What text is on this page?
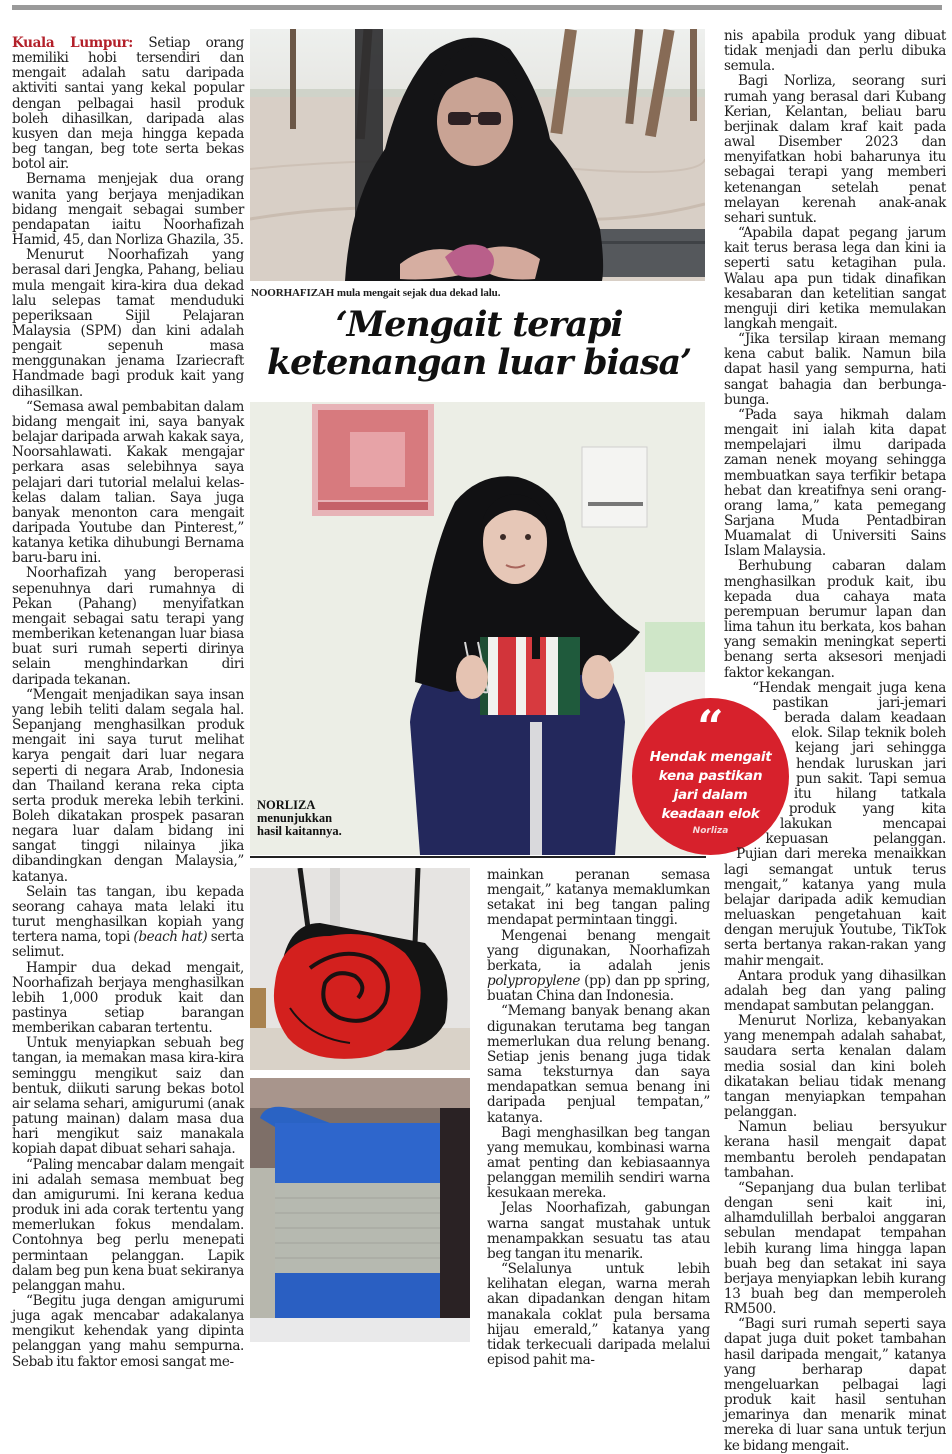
Kuala Lumpur: Setiap orang memiliki hobi tersendiri dan mengait adalah satu daripada aktiviti santai yang kekal popular dengan pelbagai hasil produk boleh dihasilkan, daripada alas kusyen dan meja hingga kepada beg tangan, beg tote serta bekas botol air.

Bernama menjejak dua orang wanita yang berjaya menjadikan bidang mengait sebagai sumber pendapatan iaitu Noorhafizah Hamid, 45, dan Norliza Ghazila, 35.

Menurut Noorhafizah yang berasal dari Jengka, Pahang, beliau mula mengait kira-kira dua dekad lalu selepas tamat menduduki peperiksaan Sijil Pelajaran Malaysia (SPM) dan kini adalah pengait sepenuh masa menggunakan jenama Izariecraft Handmade bagi produk kait yang dihasilkan.

“Semasa awal pembabitan dalam bidang mengait ini, saya banyak belajar daripada arwah kakak saya, Noorsahlawati. Kakak mengajar perkara asas selebihnya saya pelajari dari tutorial melalui kelas-kelas dalam talian. Saya juga banyak menonton cara mengait daripada Youtube dan Pinterest,” katanya ketika dihubungi Bernama baru-baru ini.

Noorhafizah yang beroperasi sepenuhnya dari rumahnya di Pekan (Pahang) menyifatkan mengait sebagai satu terapi yang memberikan ketenangan luar biasa buat suri rumah seperti dirinya selain menghindarkan diri daripada tekanan.

“Mengait menjadikan saya insan yang lebih teliti dalam segala hal. Sepanjang menghasilkan produk mengait ini saya turut melihat karya pengait dari luar negara seperti di negara Arab, Indonesia dan Thailand kerana reka cipta serta produk mereka lebih terkini. Boleh dikatakan prospek pasaran negara luar dalam bidang ini sangat tinggi nilainya jika dibandingkan dengan Malaysia,” katanya.

Selain tas tangan, ibu kepada seorang cahaya mata lelaki itu turut menghasilkan kopiah yang tertera nama, topi (beach hat) serta selimut.

Hampir dua dekad mengait, Noorhafizah berjaya menghasilkan lebih 1,000 produk kait dan pastinya setiap barangan memberikan cabaran tertentu.

Untuk menyiapkan sebuah beg tangan, ia memakan masa kira-kira seminggu mengikut saiz dan bentuk, diikuti sarung bekas botol air selama sehari, amigurumi (anak patung mainan) dalam masa dua hari mengikut saiz manakala kopiah dapat dibuat sehari sahaja.

“Paling mencabar dalam mengait ini adalah semasa membuat beg dan amigurumi. Ini kerana kedua produk ini ada corak tertentu yang memerlukan fokus mendalam. Contohnya beg perlu menepati permintaan pelanggan. Lapik dalam beg pun kena buat sekiranya pelanggan mahu.

“Begitu juga dengan amigurumi juga agak mencabar adakalanya mengikut kehendak yang dipinta pelanggan yang mahu sempurna. Sebab itu faktor emosi sangat me-

NOORHAFIZAH mula mengait sejak dua dekad lalu.
‘Mengait terapi
ketenangan luar biasa’
NORLIZA
menunjukkan
hasil kaitannya.
“
Hendak mengait
kena pastikan
jari dalam
keadaan elok
Norliza

mainkan peranan semasa mengait,” katanya memaklumkan setakat ini beg tangan paling mendapat permintaan tinggi.

Mengenai benang mengait yang digunakan, Noorhafizah berkata, ia adalah jenis polypropylene (pp) dan pp spring, buatan China dan Indonesia.

“Memang banyak benang akan digunakan terutama beg tangan memerlukan dua relung benang. Setiap jenis benang juga tidak sama teksturnya dan saya mendapatkan semua benang ini daripada penjual tempatan,” katanya.

Bagi menghasilkan beg tangan yang memukau, kombinasi warna amat penting dan kebiasaannya pelanggan memilih sendiri warna kesukaan mereka.

Jelas Noorhafizah, gabungan warna sangat mustahak untuk menampakkan sesuatu tas atau beg tangan itu menarik.

“Selalunya untuk lebih kelihatan elegan, warna merah akan dipadankan dengan hitam manakala coklat pula bersama hijau emerald,” katanya yang tidak terkecuali daripada melalui episod pahit ma-

nis apabila produk yang dibuat tidak menjadi dan perlu dibuka semula.

Bagi Norliza, seorang suri rumah yang berasal dari Kubang Kerian, Kelantan, beliau baru berjinak dalam kraf kait pada awal Disember 2023 dan menyifatkan hobi baharunya itu sebagai terapi yang memberi ketenangan setelah penat melayan kerenah anak-anak sehari suntuk.

“Apabila dapat pegang jarum kait terus berasa lega dan kini ia seperti satu ketagihan pula. Walau apa pun tidak dinafikan kesabaran dan ketelitian sangat menguji diri ketika memulakan langkah mengait.

“Jika tersilap kiraan memang kena cabut balik. Namun bila dapat hasil yang sempurna, hati sangat bahagia dan berbunga-bunga.

“Pada saya hikmah dalam mengait ini ialah kita dapat mempelajari ilmu daripada zaman nenek moyang sehingga membuatkan saya terfikir betapa hebat dan kreatifnya seni orang-orang lama,” kata pemegang Sarjana Muda Pentadbiran Muamalat di Universiti Sains Islam Malaysia.

Berhubung cabaran dalam menghasilkan produk kait, ibu kepada dua cahaya mata perempuan berumur lapan dan lima tahun itu berkata, kos bahan yang semakin meningkat seperti benang serta aksesori menjadi faktor kekangan.

“Hendak mengait juga kena pastikan jari-jemari berada dalam keadaan elok. Silap teknik boleh kejang jari sehingga hendak luruskan jari pun sakit. Tapi semua itu hilang tatkala produk yang kita lakukan mencapai kepuasan pelanggan. Pujian dari mereka menaikkan lagi semangat untuk terus mengait,” katanya yang mula belajar daripada adik kemudian meluaskan pengetahuan kait dengan merujuk Youtube, TikTok serta bertanya rakan-rakan yang mahir mengait.

Antara produk yang dihasilkan adalah beg dan yang paling mendapat sambutan pelanggan.

Menurut Norliza, kebanyakan yang menempah adalah sahabat, saudara serta kenalan dalam media sosial dan kini boleh dikatakan beliau tidak menang tangan menyiapkan tempahan pelanggan.

Namun beliau bersyukur kerana hasil mengait dapat membantu beroleh pendapatan tambahan.

“Sepanjang dua bulan terlibat dengan seni kait ini, alhamdulillah berbaloi anggaran sebulan mendapat tempahan lebih kurang lima hingga lapan buah beg dan setakat ini saya berjaya menyiapkan lebih kurang 13 buah beg dan memperoleh RM500.

“Bagi suri rumah seperti saya dapat juga duit poket tambahan hasil daripada mengait,” katanya yang berharap dapat mengeluarkan pelbagai lagi produk kait hasil sentuhan jemarinya dan menarik minat mereka di luar sana untuk terjun ke bidang mengait.
